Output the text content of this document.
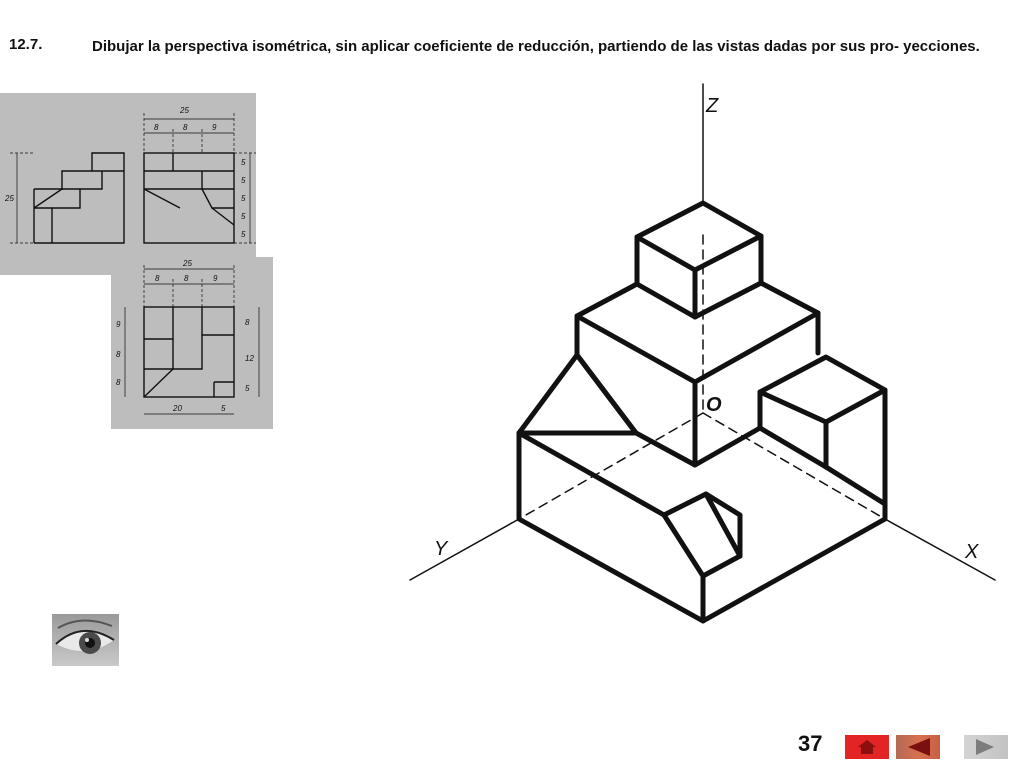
12.7.	Dibujar la perspectiva isométrica, sin aplicar coeficiente de reducción, partiendo de las vistas dadas por sus pro- yecciones.
25
8	8	9
25
5
5
5
5
5
25
8	8	9
9
8
8
8
12
5
20	5
Z
Y	X
O
37
